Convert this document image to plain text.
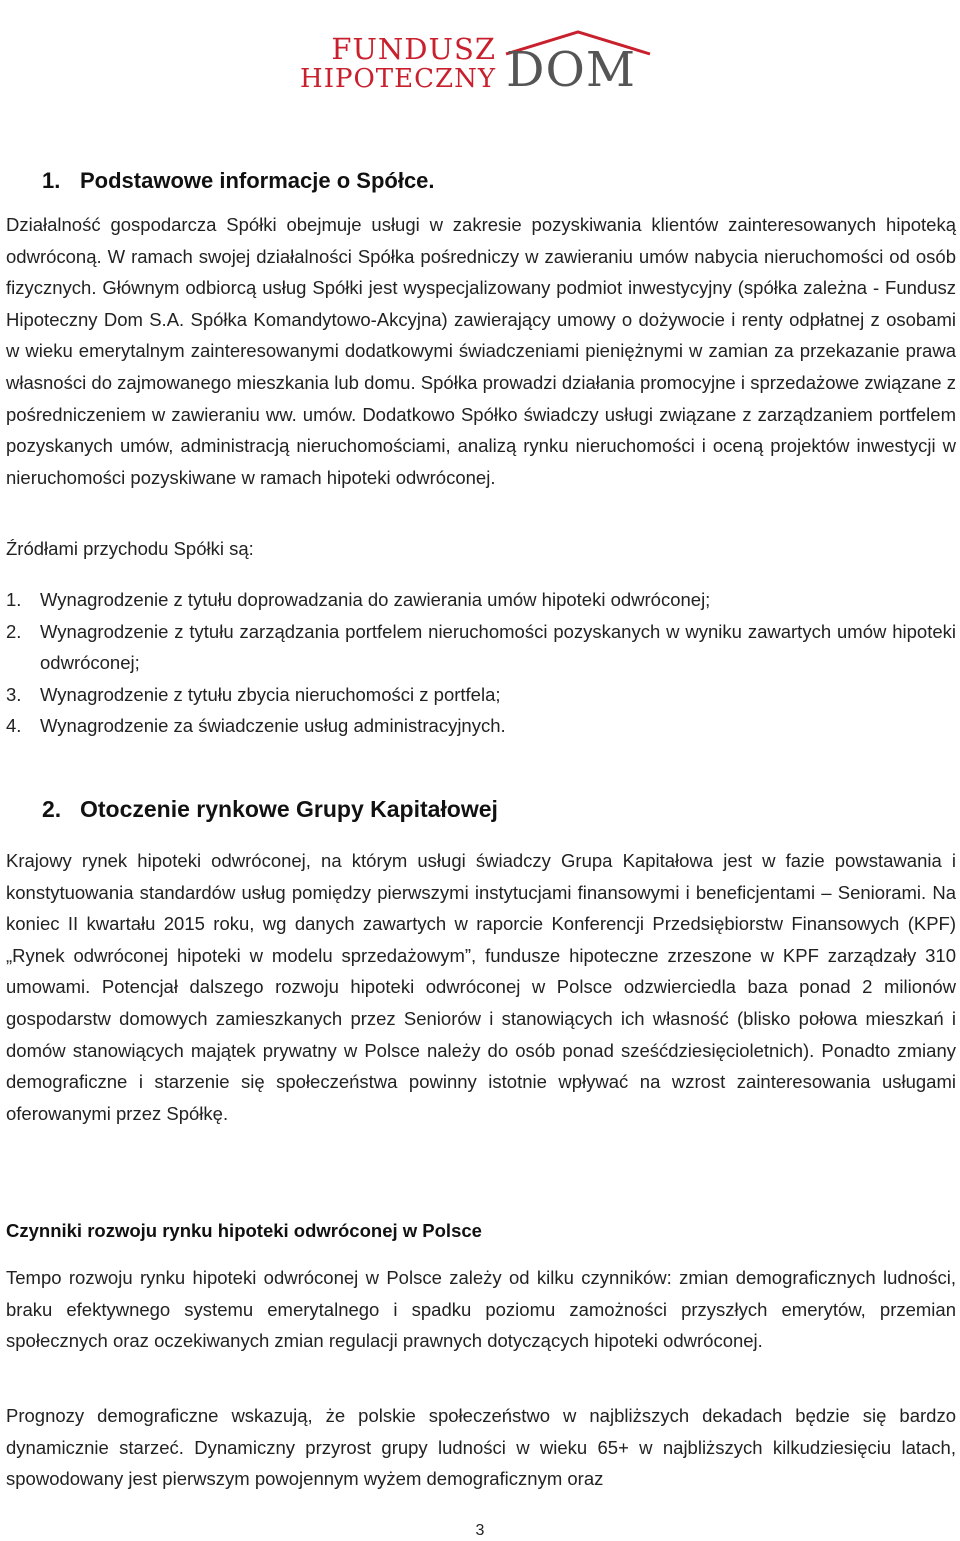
FUNDUSZ
HIPOTECZNY DOM
1. Podstawowe informacje o Spółce.

Działalność gospodarcza Spółki obejmuje usługi w zakresie pozyskiwania klientów zainteresowanych hipoteką odwróconą. W ramach swojej działalności Spółka pośredniczy w zawieraniu umów nabycia nieruchomości od osób fizycznych. Głównym odbiorcą usług Spółki jest wyspecjalizowany podmiot inwestycyjny (spółka zależna - Fundusz Hipoteczny Dom S.A. Spółka Komandytowo-Akcyjna) zawierający umowy o dożywocie i renty odpłatnej z osobami w wieku emerytalnym zainteresowanymi dodatkowymi świadczeniami pieniężnymi w zamian za przekazanie prawa własności do zajmowanego mieszkania lub domu. Spółka prowadzi działania promocyjne i sprzedażowe związane z pośredniczeniem w zawieraniu ww. umów. Dodatkowo Spółko świadczy usługi związane z zarządzaniem portfelem pozyskanych umów, administracją nieruchomościami, analizą rynku nieruchomości i oceną projektów inwestycji w nieruchomości pozyskiwane w ramach hipoteki odwróconej.

Źródłami przychodu Spółki są:

1.	Wynagrodzenie z tytułu doprowadzania do zawierania umów hipoteki odwróconej;
2.	Wynagrodzenie z tytułu zarządzania portfelem nieruchomości pozyskanych w wyniku zawartych umów hipoteki odwróconej;
3.	Wynagrodzenie z tytułu zbycia nieruchomości z portfela;
4.	Wynagrodzenie za świadczenie usług administracyjnych.
2. Otoczenie rynkowe Grupy Kapitałowej

Krajowy rynek hipoteki odwróconej, na którym usługi świadczy Grupa Kapitałowa jest w fazie powstawania i konstytuowania standardów usług pomiędzy pierwszymi instytucjami finansowymi i beneficjentami – Seniorami. Na koniec II kwartału 2015 roku, wg danych zawartych w raporcie Konferencji Przedsiębiorstw Finansowych (KPF) „Rynek odwróconej hipoteki w modelu sprzedażowym”, fundusze hipoteczne zrzeszone w KPF zarządzały 310 umowami. Potencjał dalszego rozwoju hipoteki odwróconej w Polsce odzwierciedla baza ponad 2 milionów gospodarstw domowych zamieszkanych przez Seniorów i stanowiących ich własność (blisko połowa mieszkań i domów stanowiących majątek prywatny w Polsce należy do osób ponad sześćdziesięcioletnich). Ponadto zmiany demograficzne i starzenie się społeczeństwa powinny istotnie wpływać na wzrost zainteresowania usługami oferowanymi przez Spółkę.

Czynniki rozwoju rynku hipoteki odwróconej w Polsce

Tempo rozwoju rynku hipoteki odwróconej w Polsce zależy od kilku czynników: zmian demograficznych ludności, braku efektywnego systemu emerytalnego i spadku poziomu zamożności przyszłych emerytów, przemian społecznych oraz oczekiwanych zmian regulacji prawnych dotyczących hipoteki odwróconej.

Prognozy demograficzne wskazują, że polskie społeczeństwo w najbliższych dekadach będzie się bardzo dynamicznie starzeć. Dynamiczny przyrost grupy ludności w wieku 65+ w najbliższych kilkudziesięciu latach, spowodowany jest pierwszym powojennym wyżem demograficznym oraz

3
